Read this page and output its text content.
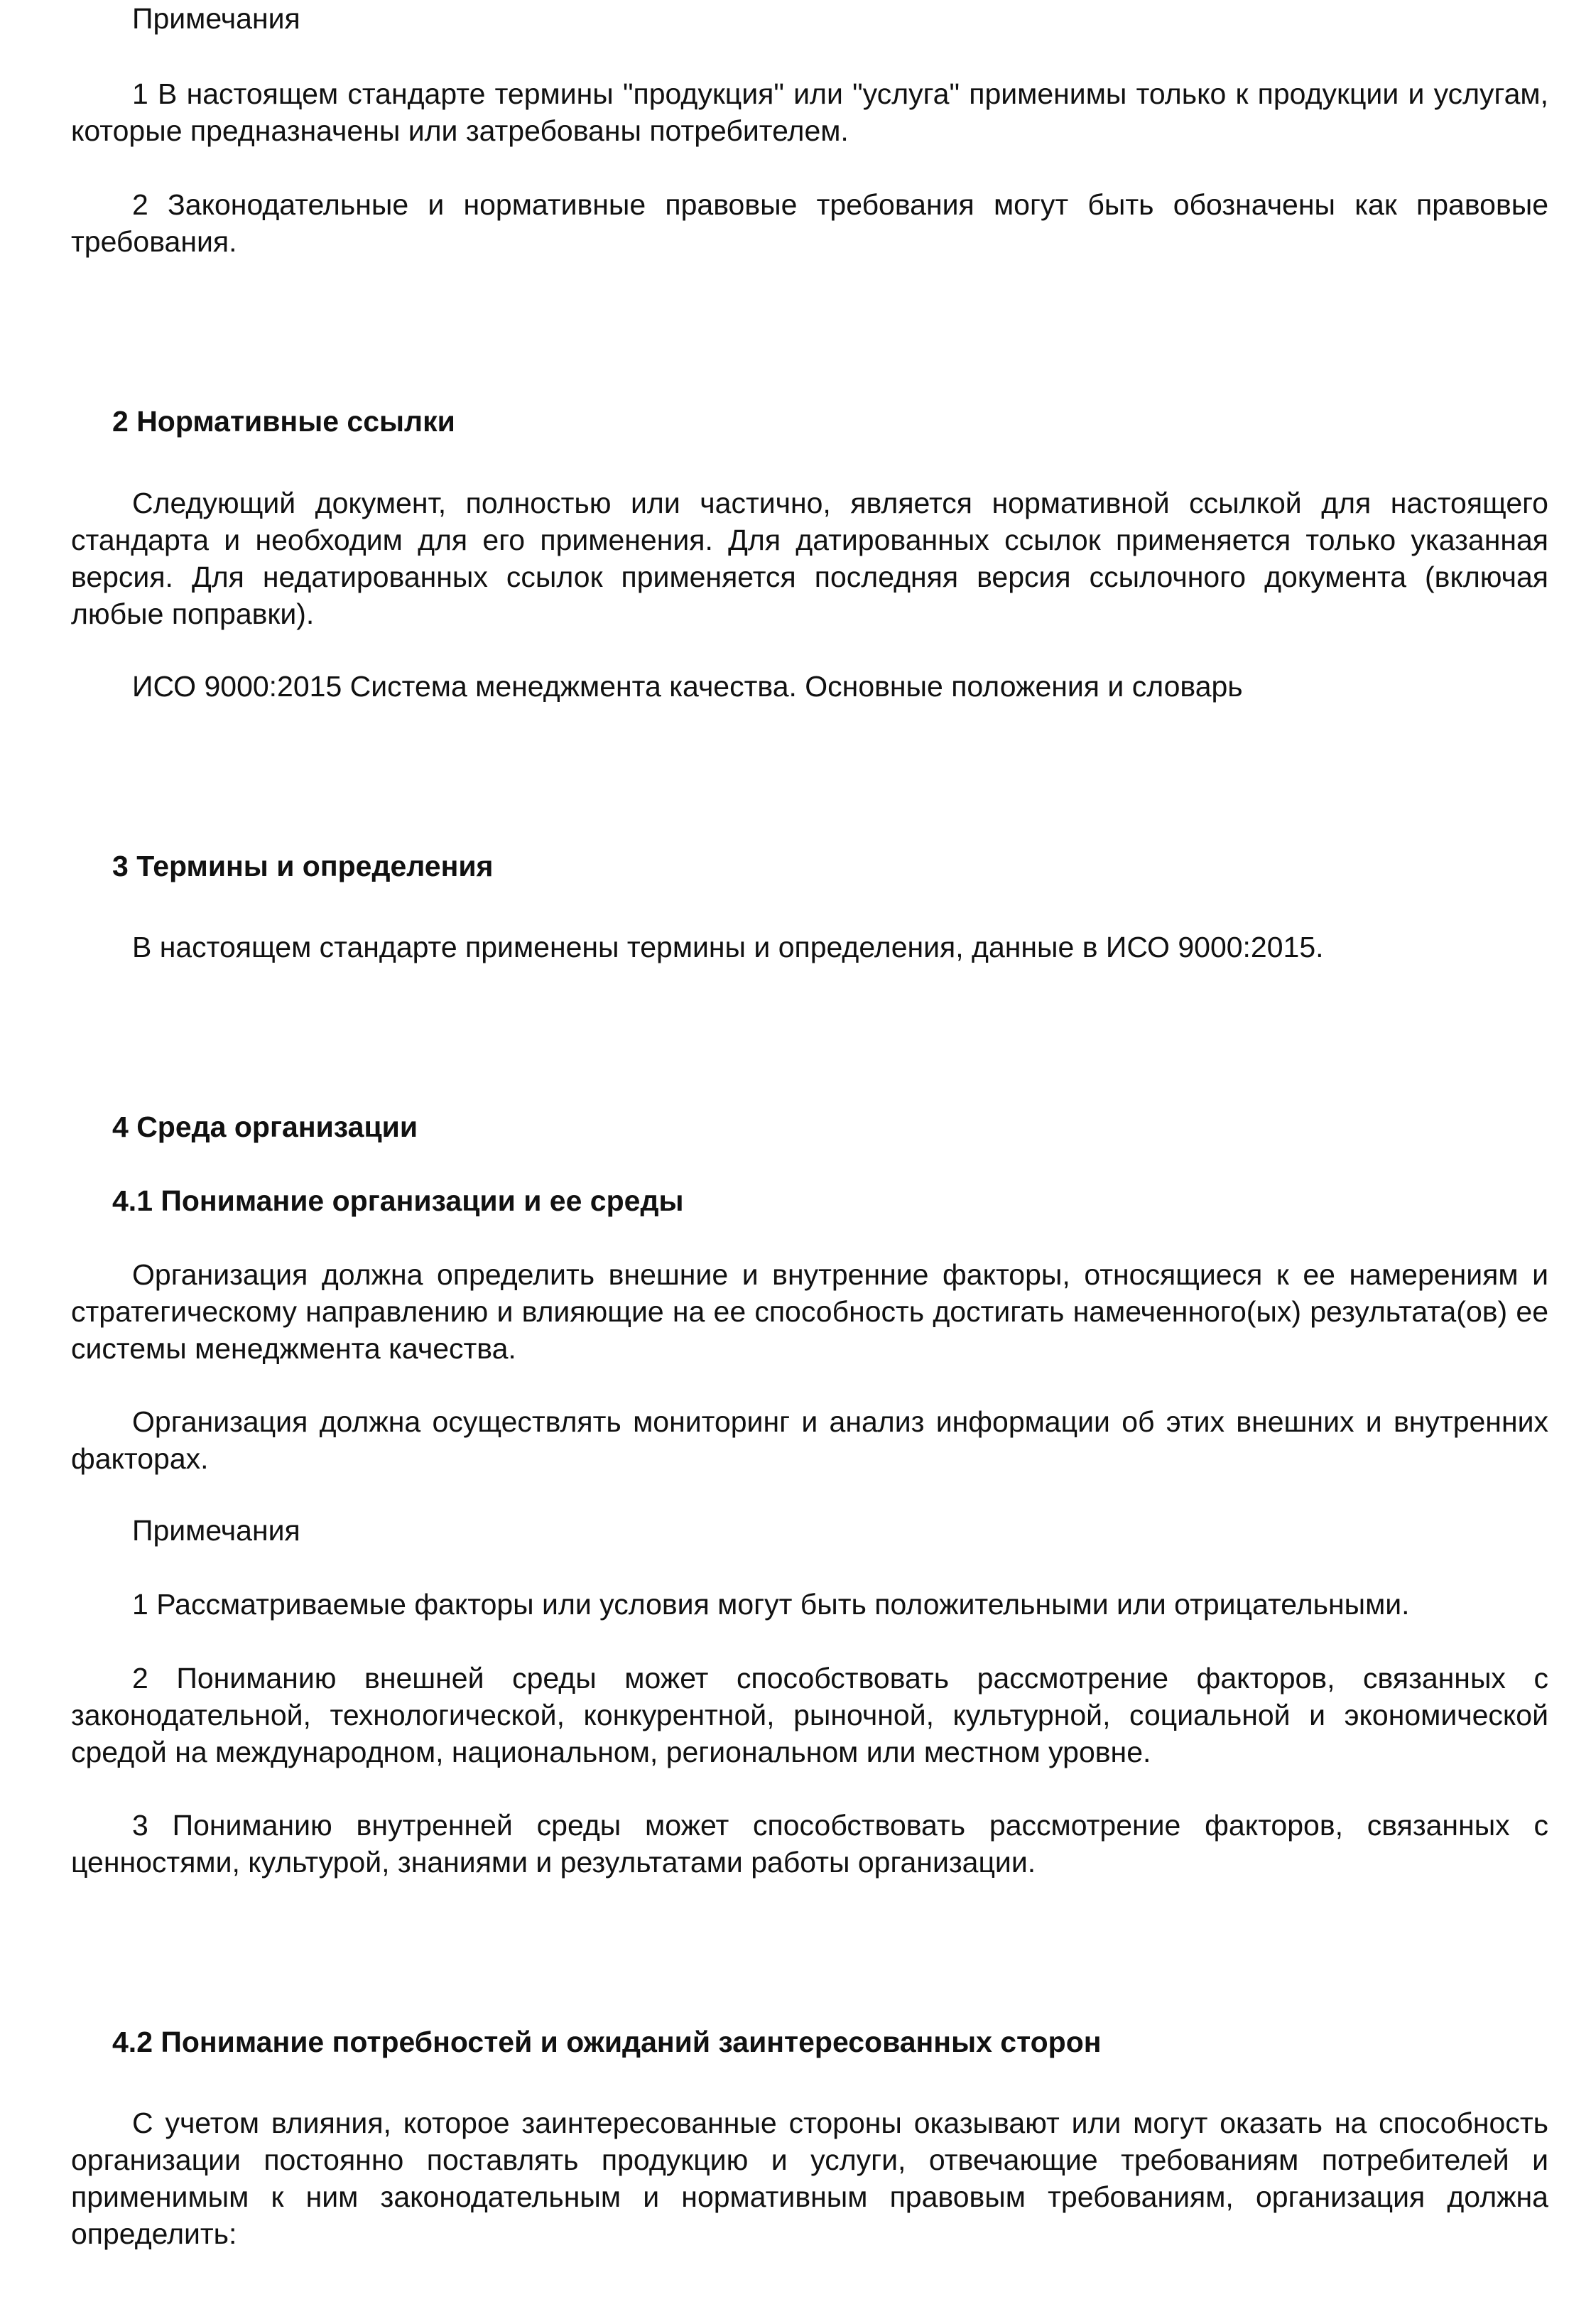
Примечания

1 В настоящем стандарте термины "продукция" или "услуга" применимы только к продукции и услугам, которые предназначены или затребованы потребителем.

2 Законодательные и нормативные правовые требования могут быть обозначены как правовые требования.

2 Нормативные ссылки

Следующий документ, полностью или частично, является нормативной ссылкой для настоящего стандарта и необходим для его применения. Для датированных ссылок применяется только указанная версия. Для недатированных ссылок применяется последняя версия ссылочного документа (включая любые поправки).

ИСО 9000:2015 Система менеджмента качества. Основные положения и словарь

3 Термины и определения

В настоящем стандарте применены термины и определения, данные в ИСО 9000:2015.

4 Среда организации

4.1 Понимание организации и ее среды

Организация должна определить внешние и внутренние факторы, относящиеся к ее намерениям и стратегическому направлению и влияющие на ее способность достигать намеченного(ых) результата(ов) ее системы менеджмента качества.

Организация должна осуществлять мониторинг и анализ информации об этих внешних и внутренних факторах.

Примечания

1 Рассматриваемые факторы или условия могут быть положительными или отрицательными.

2 Пониманию внешней среды может способствовать рассмотрение факторов, связанных с законодательной, технологической, конкурентной, рыночной, культурной, социальной и экономической средой на международном, национальном, региональном или местном уровне.

3 Пониманию внутренней среды может способствовать рассмотрение факторов, связанных с ценностями, культурой, знаниями и результатами работы организации.

4.2 Понимание потребностей и ожиданий заинтересованных сторон

С учетом влияния, которое заинтересованные стороны оказывают или могут оказать на способность организации постоянно поставлять продукцию и услуги, отвечающие требованиям потребителей и применимым к ним законодательным и нормативным правовым требованиям, организация должна определить:
